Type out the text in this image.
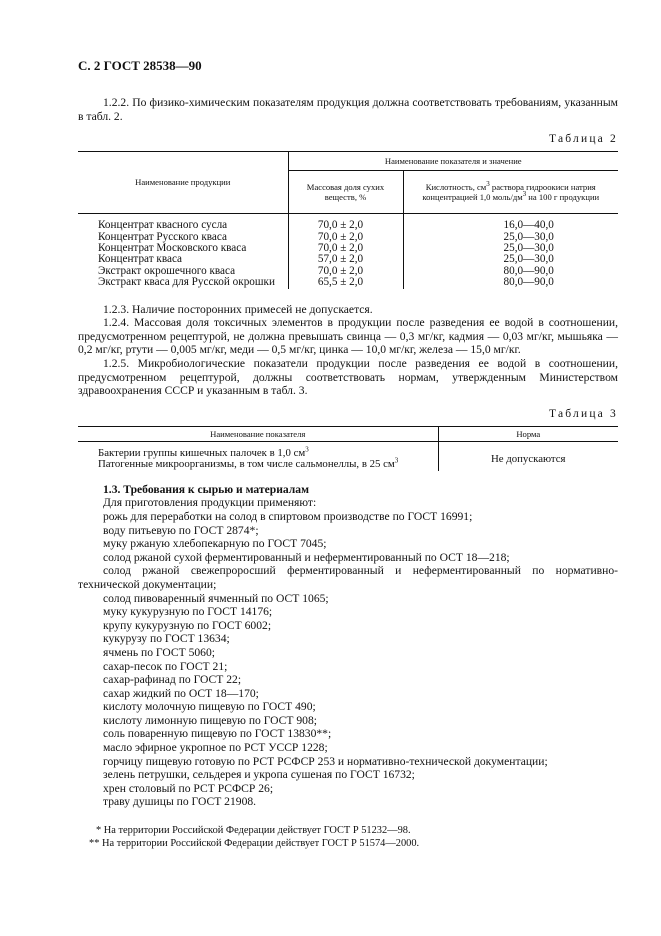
С. 2 ГОСТ 28538—90

1.2.2. По физико-химическим показателям продукция должна соответствовать требованиям, указанным в табл. 2.

Таблица 2
Наименование продукции	Наименование показателя и значение	
	Массовая доля сухих веществ, %	Кислотность, $см^3$ раствора гидроокиси натрия концентрацией 1,0 моль/$дм^3$ на 100 г продукции
Концентрат квасного сусла	70,0 ± 2,0	16,0—40,0
Концентрат Русского кваса	70,0 ± 2,0	25,0—30,0
Концентрат Московского кваса	70,0 ± 2,0	25,0—30,0
Концентрат кваса	57,0 ± 2,0	25,0—30,0
Экстракт окрошечного кваса	70,0 ± 2,0	80,0—90,0
Экстракт кваса для Русской окрошки	65,5 ± 2,0	80,0—90,0

1.2.3. Наличие посторонних примесей не допускается.

1.2.4. Массовая доля токсичных элементов в продукции после разведения ее водой в соотношении, предусмотренном рецептурой, не должна превышать свинца — 0,3 мг/кг, кадмия — 0,03 мг/кг, мышьяка — 0,2 мг/кг, ртути — 0,005 мг/кг, меди — 0,5 мг/кг, цинка — 10,0 мг/кг, железа — 15,0 мг/кг.

1.2.5. Микробиологические показатели продукции после разведения ее водой в соотношении, предусмотренном рецептурой, должны соответствовать нормам, утвержденным Министерством здравоохранения СССР и указанным в табл. 3.

Таблица 3
Наименование показателя	Норма

Бактерии группы кишечных палочек в 1,0 $см^3$
Патогенные микроорганизмы, в том числе сальмонеллы, в 25 $см^3$	Не допускаются

1.3. Требования к сырью и материалам

Для приготовления продукции применяют:

рожь для переработки на солод в спиртовом производстве по ГОСТ 16991;

воду питьевую по ГОСТ 2874*;

муку ржаную хлебопекарную по ГОСТ 7045;

солод ржаной сухой ферментированный и неферментированный по ОСТ 18—218;

солод ржаной свежепроросший ферментированный и неферментированный по нормативно-технической документации;

солод пивоваренный ячменный по ОСТ 1065;

муку кукурузную по ГОСТ 14176;

крупу кукурузную по ГОСТ 6002;

кукурузу по ГОСТ 13634;

ячмень по ГОСТ 5060;

сахар-песок по ГОСТ 21;

сахар-рафинад по ГОСТ 22;

сахар жидкий по ОСТ 18—170;

кислоту молочную пищевую по ГОСТ 490;

кислоту лимонную пищевую по ГОСТ 908;

соль поваренную пищевую по ГОСТ 13830**;

масло эфирное укропное по РСТ УССР 1228;

горчицу пищевую готовую по РСТ РСФСР 253 и нормативно-технической документации;

зелень петрушки, сельдерея и укропа сушеная по ГОСТ 16732;

хрен столовый по РСТ РСФСР 26;

траву душицы по ГОСТ 21908.

* На территории Российской Федерации действует ГОСТ Р 51232—98.
** На территории Российской Федерации действует ГОСТ Р 51574—2000.
